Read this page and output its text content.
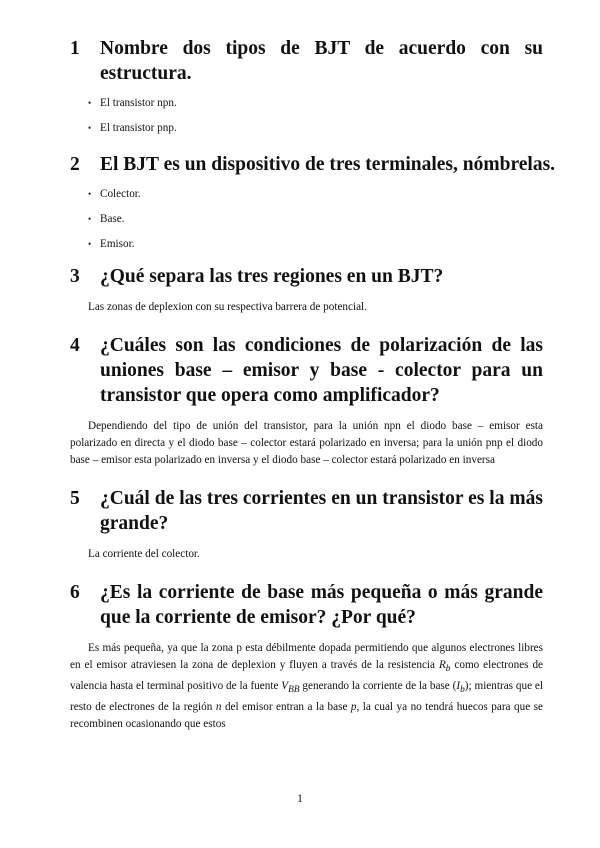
1	Nombre dos tipos de BJT de acuerdo con su estructura.
• El transistor npn.
• El transistor pnp.
2	El BJT es un dispositivo de tres terminales, nómbrelas.
• Colector.
• Base.
• Emisor.
3	¿Qué separa las tres regiones en un BJT?

Las zonas de deplexion con su respectiva barrera de potencial.

4	¿Cuáles son las condiciones de polarización de las uniones base – emisor y base - colector para un transistor que opera como amplificador?

Dependiendo del tipo de unión del transistor, para la unión npn el diodo base – emisor esta polarizado en directa y el diodo base – colector estará polarizado en inversa; para la unión pnp el diodo base – emisor esta polarizado en inversa y el diodo base – colector estará polarizado en inversa

5	¿Cuál de las tres corrientes en un transistor es la más grande?

La corriente del colector.

6	¿Es la corriente de base más pequeña o más grande que la corriente de emisor? ¿Por qué?

Es más pequeña, ya que la zona p esta débilmente dopada permitiendo que algunos electrones libres en el emisor atraviesen la zona de deplexion y fluyen a través de la resistencia $R_b$ como electrones de valencia hasta el terminal positivo de la fuente $V_{BB}$ generando la corriente de la base $(I_b)$; mientras que el resto de electrones de la región n del emisor entran a la base p, la cual ya no tendrá huecos para que se recombinen ocasionando que estos

1
